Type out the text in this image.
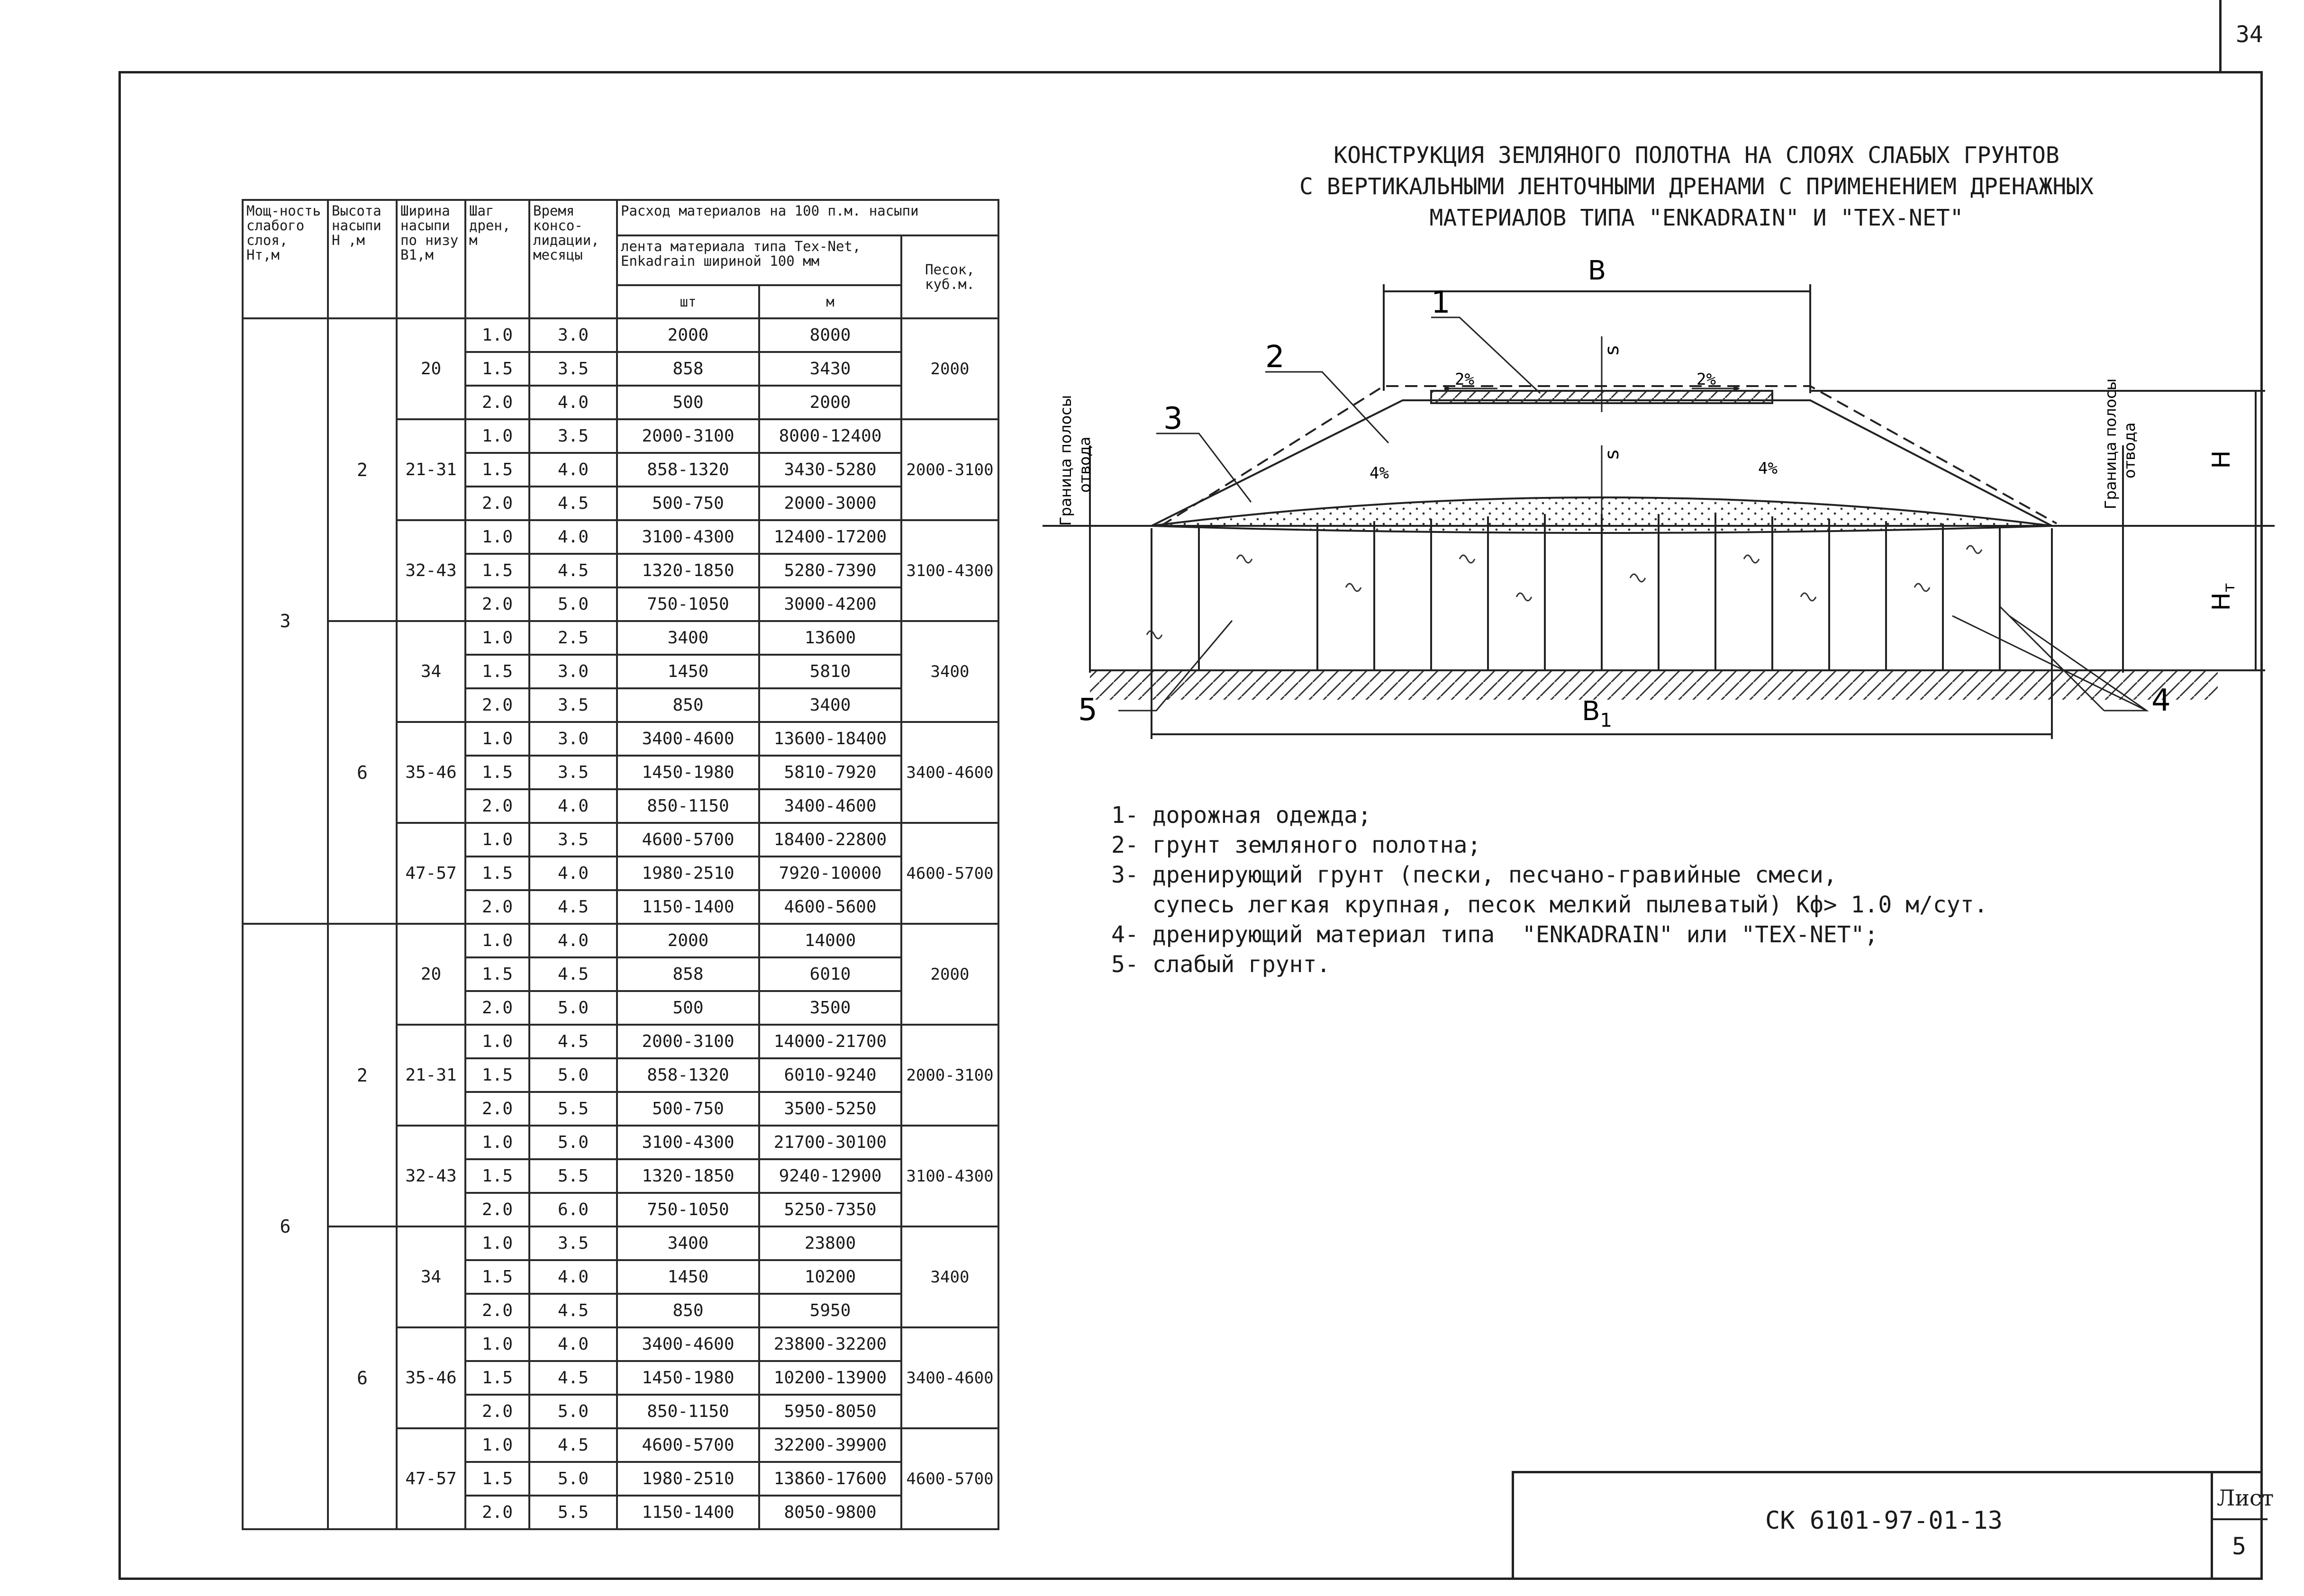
34
Мощ-ность слабого слоя, Нт,м	Высота насыпи Н ,м	Ширина насыпи по низу В1,м	Шаг дрен, м	Время консо-лидации, месяцы	Расход материалов на 100 п.м. насыпи		
					лента материала типа Tex-Net, Enkadrain шириной 100 мм		Песок, куб.м.
					шт	м	
3	2	20	1.0	3.0	2000	8000	2000
			1.5	3.5	858	3430	
			2.0	4.0	500	2000	
		21-31	1.0	3.5	2000-3100	8000-12400	2000-3100
			1.5	4.0	858-1320	3430-5280	
			2.0	4.5	500-750	2000-3000	
		32-43	1.0	4.0	3100-4300	12400-17200	3100-4300
			1.5	4.5	1320-1850	5280-7390	
			2.0	5.0	750-1050	3000-4200	
	6	34	1.0	2.5	3400	13600	3400
			1.5	3.0	1450	5810	
			2.0	3.5	850	3400	
		35-46	1.0	3.0	3400-4600	13600-18400	3400-4600
			1.5	3.5	1450-1980	5810-7920	
			2.0	4.0	850-1150	3400-4600	
		47-57	1.0	3.5	4600-5700	18400-22800	4600-5700
			1.5	4.0	1980-2510	7920-10000	
			2.0	4.5	1150-1400	4600-5600	
6	2	20	1.0	4.0	2000	14000	2000
			1.5	4.5	858	6010	
			2.0	5.0	500	3500	
		21-31	1.0	4.5	2000-3100	14000-21700	2000-3100
			1.5	5.0	858-1320	6010-9240	
			2.0	5.5	500-750	3500-5250	
		32-43	1.0	5.0	3100-4300	21700-30100	3100-4300
			1.5	5.5	1320-1850	9240-12900	
			2.0	6.0	750-1050	5250-7350	
	6	34	1.0	3.5	3400	23800	3400
			1.5	4.0	1450	10200	
			2.0	4.5	850	5950	
		35-46	1.0	4.0	3400-4600	23800-32200	3400-4600
			1.5	4.5	1450-1980	10200-13900	
			2.0	5.0	850-1150	5950-8050	
		47-57	1.0	4.5	4600-5700	32200-39900	4600-5700
			1.5	5.0	1980-2510	13860-17600	
			2.0	5.5	1150-1400	8050-9800	
КОНСТРУКЦИЯ ЗЕМЛЯНОГО ПОЛОТНА НА СЛОЯХ СЛАБЫХ ГРУНТОВ
С ВЕРТИКАЛЬНЫМИ ЛЕНТОЧНЫМИ ДРЕНАМИ С ПРИМЕНЕНИЕМ ДРЕНАЖНЫХ
МАТЕРИАЛОВ ТИПА "ENKADRAIN" И "TEX-NET"
B
$B_1$
H
Hт
s
s
2%	2%
4%	4%
1
2
3
4
5
Граница полосы отвода	Граница полосы отвода
1- дорожная одежда;
2- грунт земляного полотна;
3- дренирующий грунт (пески, песчано-гравийные смеси,
супесь легкая крупная, песок мелкий пылеватый) Кф> 1.0 м/сут.
4- дренирующий материал типа  "ENKADRAIN" или "TEX-NET";
5- слабый грунт.
СК 6101-97-01-13
Лист
5
